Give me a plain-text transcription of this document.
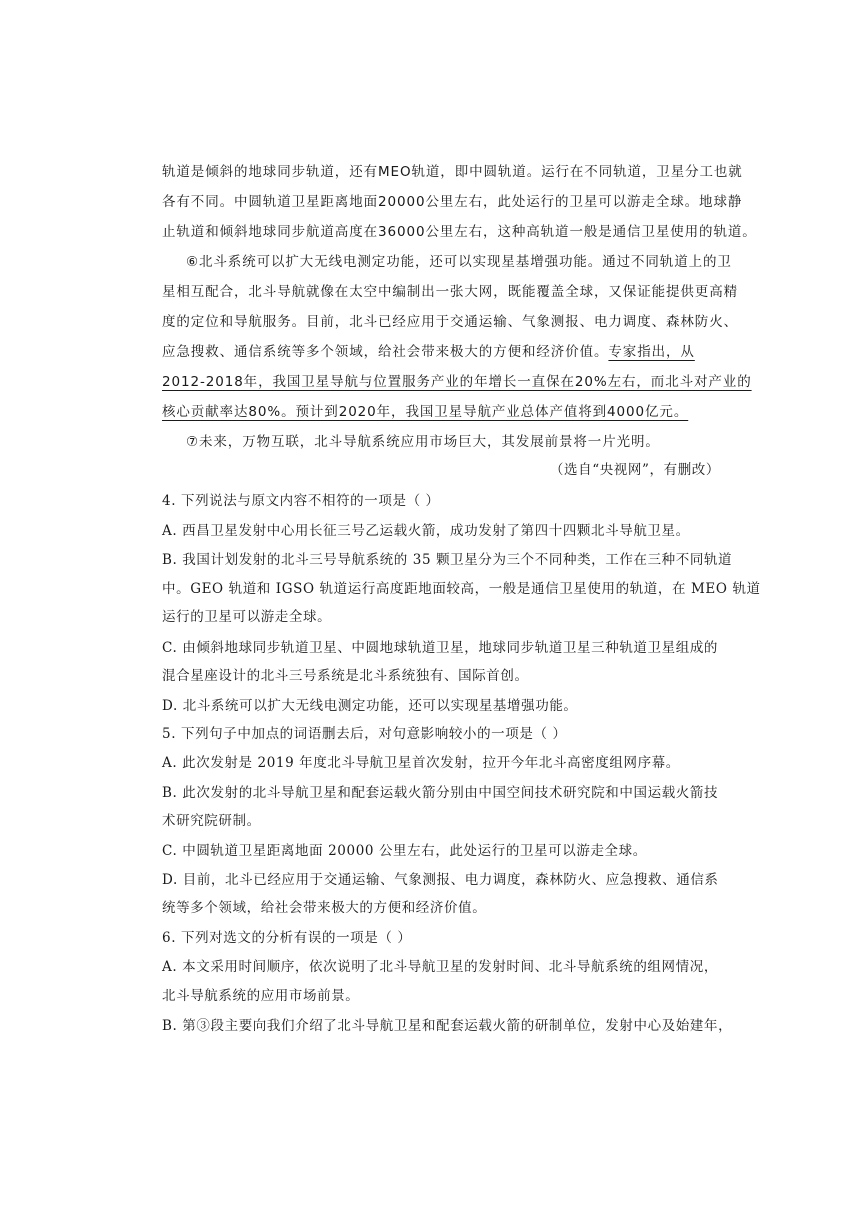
轨道是倾斜的地球同步轨道，还有MEO轨道，即中圆轨道。运行在不同轨道，卫星分工也就
各有不同。中圆轨道卫星距离地面20000公里左右，此处运行的卫星可以游走全球。地球静
止轨道和倾斜地球同步航道高度在36000公里左右，这种高轨道一般是通信卫星使用的轨道。
⑥北斗系统可以扩大无线电测定功能，还可以实现星基增强功能。通过不同轨道上的卫
星相互配合，北斗导航就像在太空中编制出一张大网，既能覆盖全球，又保证能提供更高精
度的定位和导航服务。目前，北斗已经应用于交通运输、气象测报、电力调度、森林防火、
应急搜救、通信系统等多个领域，给社会带来极大的方便和经济价值。专家指出，从
2012-2018年，我国卫星导航与位置服务产业的年增长一直保在20%左右，而北斗对产业的
核心贡献率达80%。预计到2020年，我国卫星导航产业总体产值将到4000亿元。
⑦未来，万物互联，北斗导航系统应用市场巨大，其发展前景将一片光明。
（选自“央视网”，有删改）
4. 下列说法与原文内容不相符的一项是（ ）
A. 西昌卫星发射中心用长征三号乙运载火箭，成功发射了第四十四颗北斗导航卫星。
B. 我国计划发射的北斗三号导航系统的 35 颗卫星分为三个不同种类，工作在三种不同轨道
中。GEO 轨道和 IGSO 轨道运行高度距地面较高，一般是通信卫星使用的轨道，在 MEO 轨道
运行的卫星可以游走全球。
C. 由倾斜地球同步轨道卫星、中圆地球轨道卫星，地球同步轨道卫星三种轨道卫星组成的
混合星座设计的北斗三号系统是北斗系统独有、国际首创。
D. 北斗系统可以扩大无线电测定功能，还可以实现星基增强功能。
5. 下列句子中加点的词语删去后，对句意影响较小的一项是（ ）
A. 此次发射是 2019 年度北斗导航卫星首次发射，拉开今年北斗高密度组网序幕。
B. 此次发射的北斗导航卫星和配套运载火箭分别由中国空间技术研究院和中国运载火箭技
术研究院研制。
C. 中圆轨道卫星距离地面 20000 公里左右，此处运行的卫星可以游走全球。
D. 目前，北斗已经应用于交通运输、气象测报、电力调度，森林防火、应急搜救、通信系
统等多个领域，给社会带来极大的方便和经济价值。
6. 下列对选文的分析有误的一项是（ ）
A. 本文采用时间顺序，依次说明了北斗导航卫星的发射时间、北斗导航系统的组网情况，
北斗导航系统的应用市场前景。
B. 第③段主要向我们介绍了北斗导航卫星和配套运载火箭的研制单位，发射中心及始建年，
